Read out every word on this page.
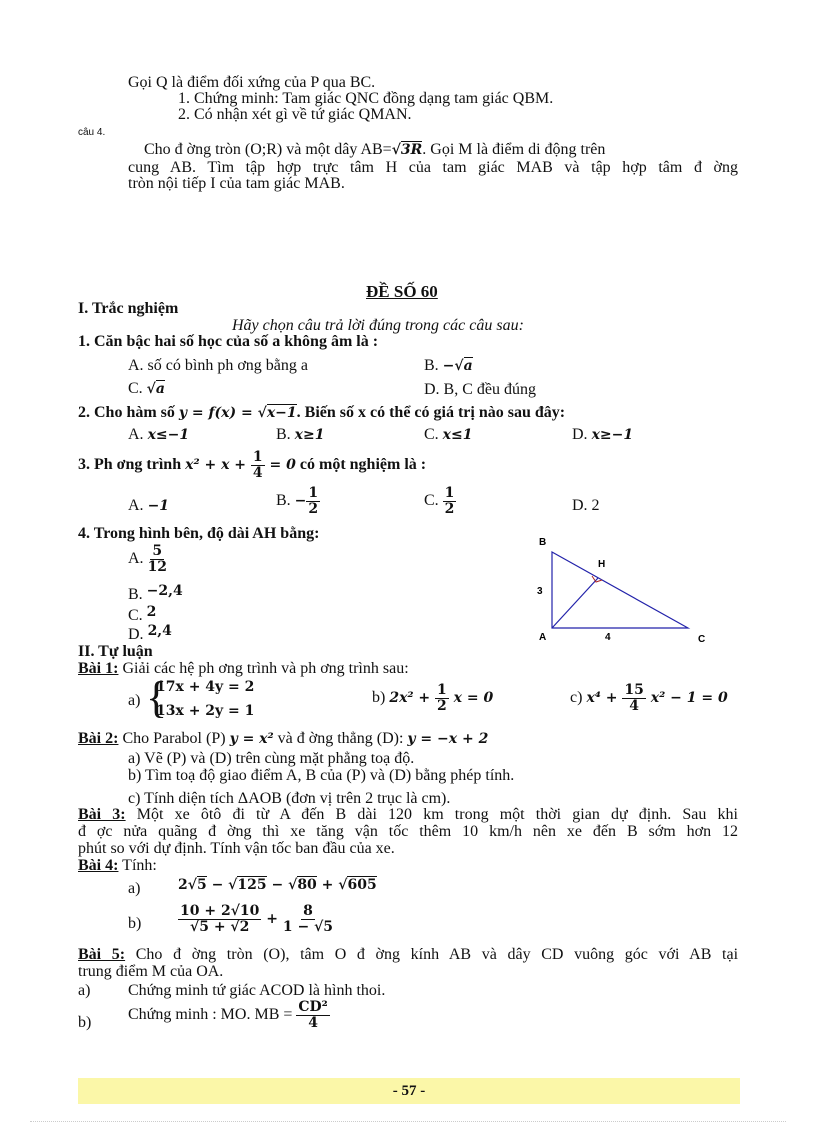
Gọi Q là điểm đối xứng của P qua BC.
1. Chứng minh: Tam giác QNC đồng dạng tam giác QBM.
2. Có nhận xét gì về tứ giác QMAN.
câu 4.
Cho đ ờng tròn (O;R) và một dây AB=√3R. Gọi M là điểm di động trên
cung AB. Tìm tập hợp trực tâm H của tam giác MAB và tập hợp tâm đ ờng
tròn nội tiếp I của tam giác MAB.
ĐỀ SỐ 60
I. Trắc nghiệm
Hãy chọn câu trả lời đúng trong các câu sau:
1. Căn bậc hai số học của số a không âm là :
A. số có bình ph ơng bằng a	B. −√a
C. √a	D. B, C đều đúng
2. Cho hàm số y = f(x) = √x−1. Biến số x có thể có giá trị nào sau đây:
A. x≤−1	B. x≥1	C. x≤1	D. x≥−1
3. Ph ơng trình $x^2 + x + \frac{1}{4} = 0$ có một nghiệm là :
A. −1	B. − $\frac{1}{2}$	C. $\frac{1}{2}$	D. 2
4. Trong hình bên, độ dài AH bằng:
A. $\frac{5}{12}$
B. −2,4
C. 2
D. 2,4
B
H
A	C
3
4
II. Tự luận
Bài 1: Giải các hệ ph ơng trình và ph ơng trình sau:
a) {
17x + 4y = 2
13x + 2y = 1
b) $2x^2 + \frac{1}{2}$ x = 0	c) $x^4 + \frac{15}{4} x^2 - 1 = 0$
Bài 2: Cho Parabol (P) y = x² và đ ờng thẳng (D): y = −x + 2
a) Vẽ (P) và (D) trên cùng mặt phẳng toạ độ.
b) Tìm toạ độ giao điểm A, B của (P) và (D) bằng phép tính.
c) Tính diện tích ΔAOB (đơn vị trên 2 trục là cm).
Bài 3: Một xe ôtô đi từ A đến B dài 120 km trong một thời gian dự định. Sau khi
đ ợc nửa quãng đ ờng thì xe tăng vận tốc thêm 10 km/h nên xe đến B sớm hơn 12
phút so với dự định. Tính vận tốc ban đầu của xe.
Bài 4: Tính:
a)	2√5 − √125 − √80 + √605
b)	$\frac{10 + 2√10}{√5 + √2} + \frac{8}{1 - √5}$
Bài 5: Cho đ ờng tròn (O), tâm O đ ờng kính AB và dây CD vuông góc với AB tại
trung điểm M của OA.
a) Chứng minh tứ giác ACOD là hình thoi.
b) Chứng minh : MO. MB = $\frac{\text{CD²}}{4}$
- 57 -
